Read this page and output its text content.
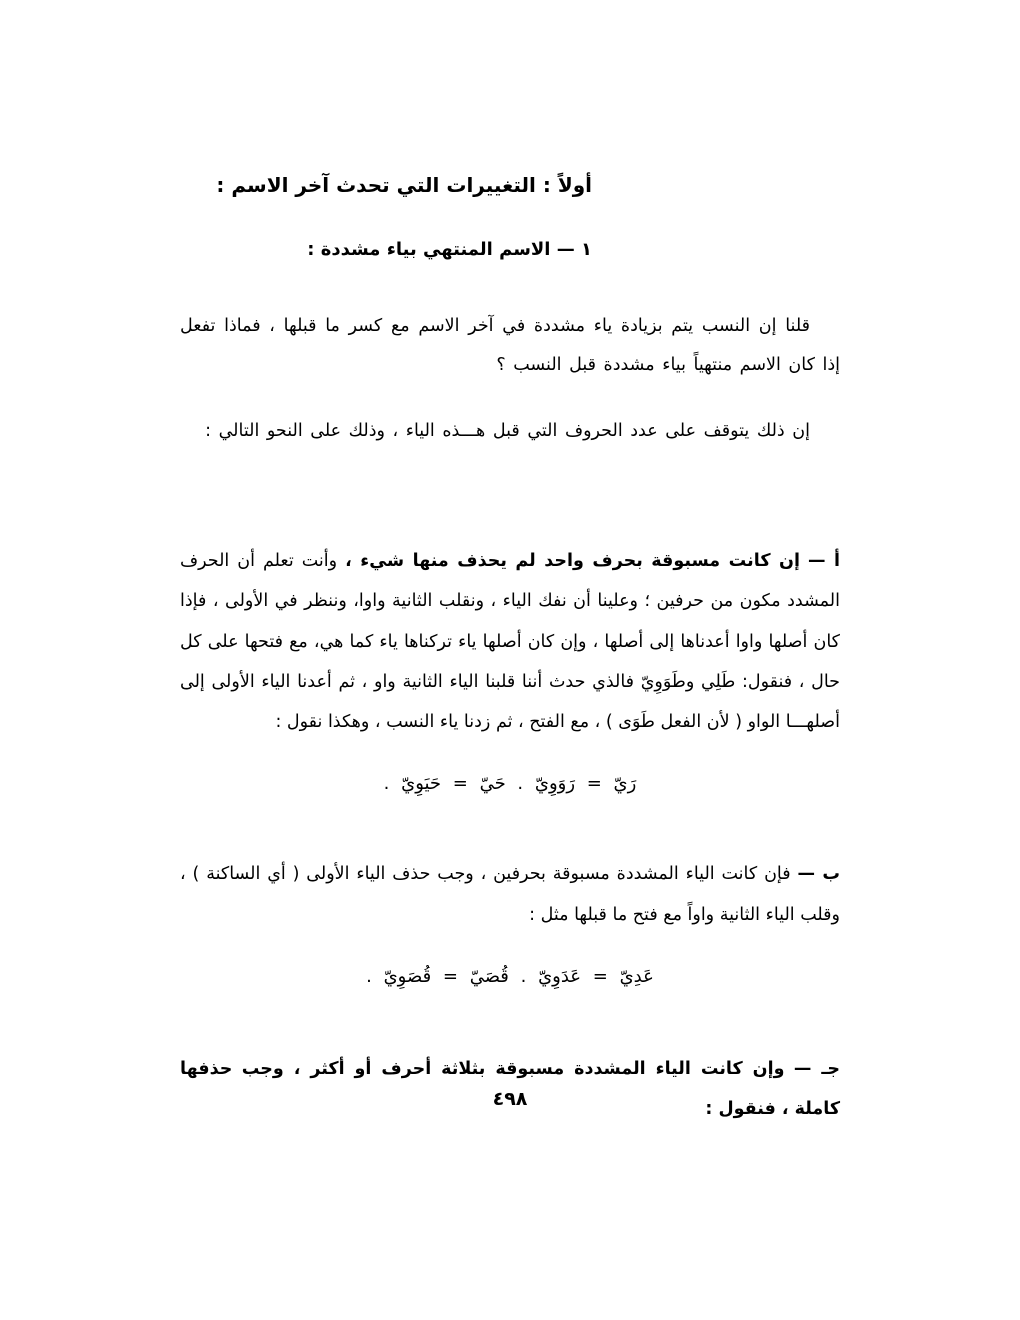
أولاً : التغييرات التي تحدث آخر الاسم :
١ — الاسم المنتهي بياء مشددة :

قلنا إن النسب يتم بزيادة ياء مشددة في آخر الاسم مع كسر ما قبلها ، فماذا تفعل إذا كان الاسم منتهياً بياء مشددة قبل النسب ؟

إن ذلك يتوقف على عدد الحروف التي قبل هـــذه الياء ، وذلك على النحو التالي :

أ — إن كانت مسبوقة بحرف واحد لم يحذف منها شيء ، وأنت تعلم أن الحرف المشدد مكون من حرفين ؛ وعلينا أن نفك الياء ، ونقلب الثانية واوا، وننظر في الأولى ، فإذا كان أصلها واوا أعدناها إلى أصلها ، وإن كان أصلها ياء تركناها ياء كما هي، مع فتحها على كل حال ، فنقول: طَلِي وطَوَوِيّ فالذي حدث أننا قلبنا الياء الثانية واو ، ثم أعدنا الياء الأولى إلى أصلهـــا الواو ( لأن الفعل طَوَى ) ، مع الفتح ، ثم زدنا ياء النسب ، وهكذا نقول :

رَيّ = رَوَوِيّ . حَيّ = حَيَوِيّ .

ب — فإن كانت الياء المشددة مسبوقة بحرفين ، وجب حذف الياء الأولى ( أي الساكنة ) ، وقلب الياء الثانية واواً مع فتح ما قبلها مثل :

عَدِيّ = عَدَوِيّ . قُصَيّ = قُصَوِيّ .

جـ — وإن كانت الياء المشددة مسبوقة بثلاثة أحرف أو أكثر ، وجب حذفها كاملة ، فنقول :

٤٩٨
